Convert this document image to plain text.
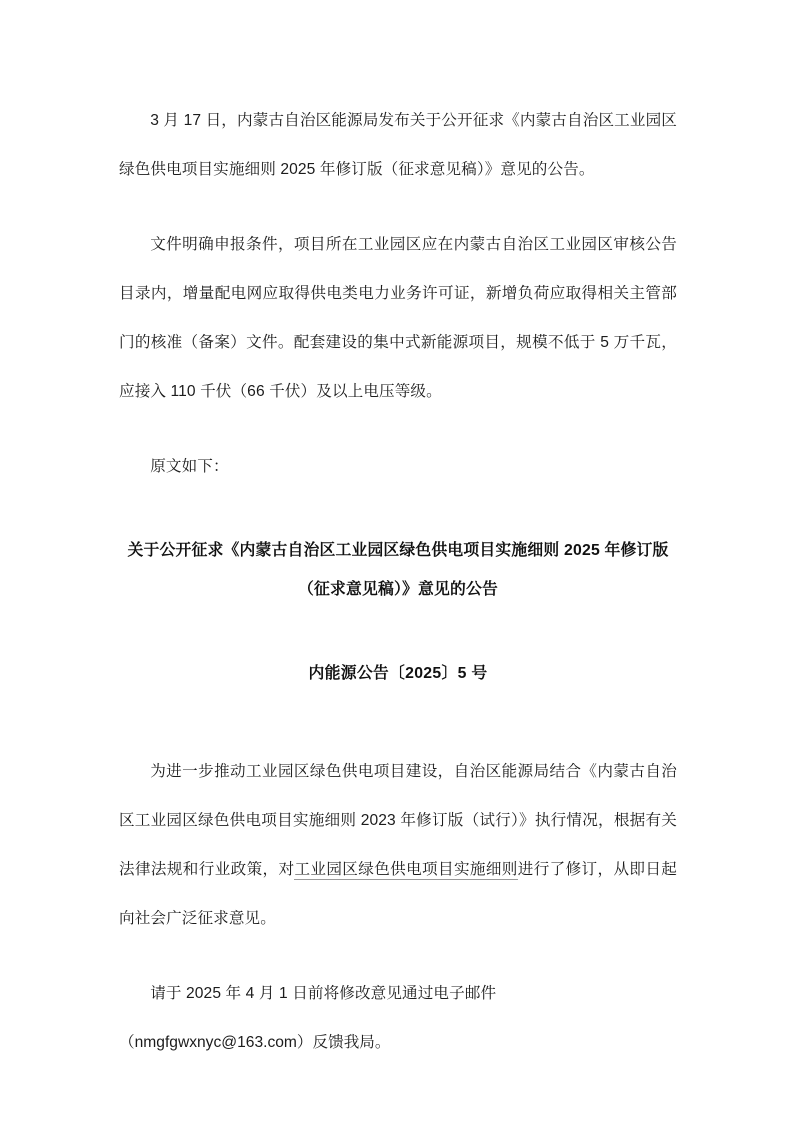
3 月 17 日，内蒙古自治区能源局发布关于公开征求《内蒙古自治区工业园区绿色供电项目实施细则 2025 年修订版（征求意见稿）》意见的公告。

文件明确申报条件，项目所在工业园区应在内蒙古自治区工业园区审核公告目录内，增量配电网应取得供电类电力业务许可证，新增负荷应取得相关主管部门的核准（备案）文件。配套建设的集中式新能源项目，规模不低于 5 万千瓦，应接入 110 千伏（66 千伏）及以上电压等级。

原文如下：

关于公开征求《内蒙古自治区工业园区绿色供电项目实施细则 2025 年修订版（征求意见稿）》意见的公告
内能源公告〔2025〕5 号

为进一步推动工业园区绿色供电项目建设，自治区能源局结合《内蒙古自治区工业园区绿色供电项目实施细则 2023 年修订版（试行）》执行情况，根据有关法律法规和行业政策，对工业园区绿色供电项目实施细则进行了修订，从即日起向社会广泛征求意见。

请于 2025 年 4 月 1 日前将修改意见通过电子邮件

（nmgfgwxnyc@163.com）反馈我局。
